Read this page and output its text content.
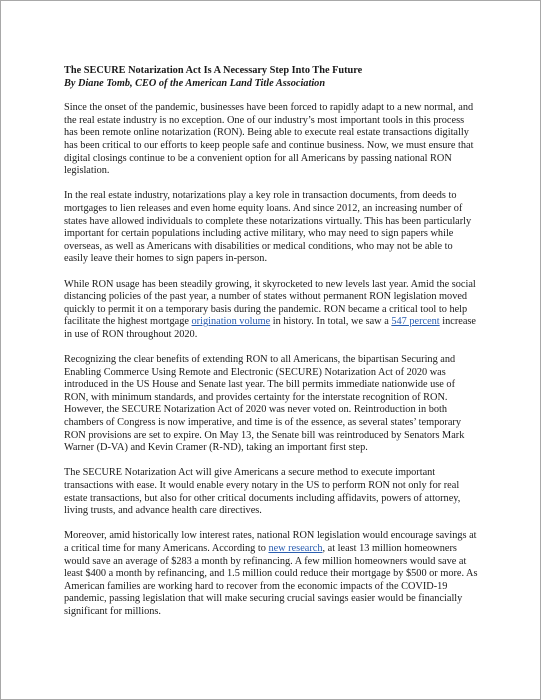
The SECURE Notarization Act Is A Necessary Step Into The Future
By Diane Tomb, CEO of the American Land Title Association

Since the onset of the pandemic, businesses have been forced to rapidly adapt to a new normal, and the real estate industry is no exception. One of our industry’s most important tools in this process has been remote online notarization (RON). Being able to execute real estate transactions digitally has been critical to our efforts to keep people safe and continue business. Now, we must ensure that digital closings continue to be a convenient option for all Americans by passing national RON legislation.

In the real estate industry, notarizations play a key role in transaction documents, from deeds to mortgages to lien releases and even home equity loans. And since 2012, an increasing number of states have allowed individuals to complete these notarizations virtually. This has been particularly important for certain populations including active military, who may need to sign papers while overseas, as well as Americans with disabilities or medical conditions, who may not be able to easily leave their homes to sign papers in-person.

While RON usage has been steadily growing, it skyrocketed to new levels last year. Amid the social distancing policies of the past year, a number of states without permanent RON legislation moved quickly to permit it on a temporary basis during the pandemic. RON became a critical tool to help facilitate the highest mortgage origination volume in history. In total, we saw a 547 percent increase in use of RON throughout 2020.

Recognizing the clear benefits of extending RON to all Americans, the bipartisan Securing and Enabling Commerce Using Remote and Electronic (SECURE) Notarization Act of 2020 was introduced in the US House and Senate last year. The bill permits immediate nationwide use of RON, with minimum standards, and provides certainty for the interstate recognition of RON. However, the SECURE Notarization Act of 2020 was never voted on. Reintroduction in both chambers of Congress is now imperative, and time is of the essence, as several states’ temporary RON provisions are set to expire. On May 13, the Senate bill was reintroduced by Senators Mark Warner (D-VA) and Kevin Cramer (R-ND), taking an important first step.

The SECURE Notarization Act will give Americans a secure method to execute important transactions with ease. It would enable every notary in the US to perform RON not only for real estate transactions, but also for other critical documents including affidavits, powers of attorney, living trusts, and advance health care directives.

Moreover, amid historically low interest rates, national RON legislation would encourage savings at a critical time for many Americans. According to new research, at least 13 million homeowners would save an average of $283 a month by refinancing. A few million homeowners would save at least $400 a month by refinancing, and 1.5 million could reduce their mortgage by $500 or more. As American families are working hard to recover from the economic impacts of the COVID-19 pandemic, passing legislation that will make securing crucial savings easier would be financially significant for millions.
